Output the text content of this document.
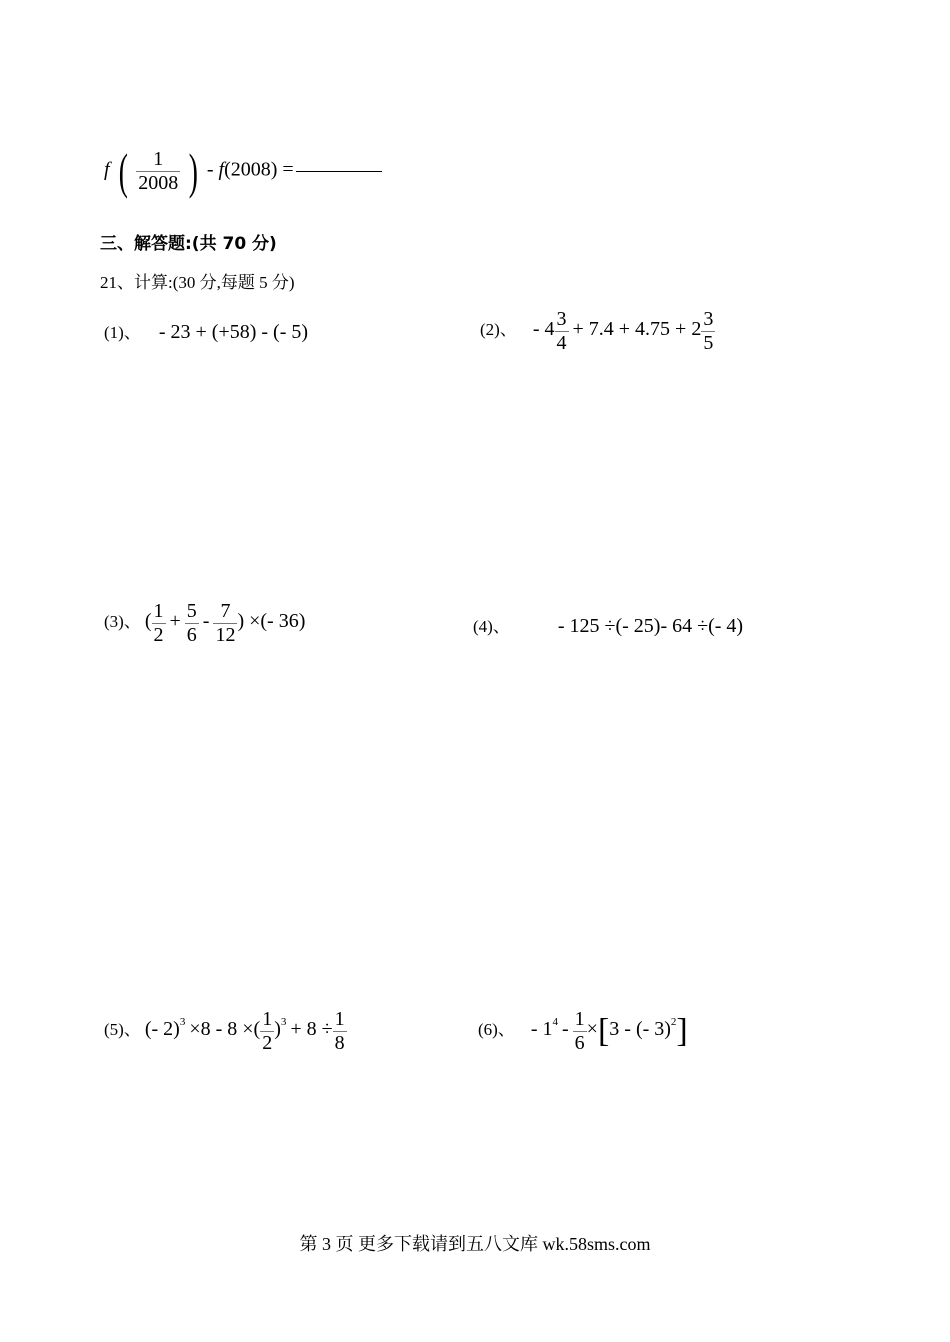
f ( $\frac{1}{2008}$ ) - f(2008) =
三、解答题:(共 70 分)
21、计算:(30 分,每题 5 分)
(1)、 - 23 + (+58) - (- 5)	(2)、 - $4 \frac{3}{4} + 7.4 + 4.75 + 2 \frac{3}{5}$
(3)、 ( $\frac{1}{2} + \frac{5}{6} - \frac{7}{12}$ ) ×(- 36)	(4)、 - 125 ÷(- 25)- 64 ÷(- 4)
(5)、 (- 2)$^3$ ×8 - 8 ×( $\frac{1}{2} )^3 + 8 \div \frac{1}{8}$	(6)、 - $1^4 - \frac{1}{6} \times[3$ - (- 3)$^2$]
第 3 页 更多下载请到五八文库 wk.58sms.com
